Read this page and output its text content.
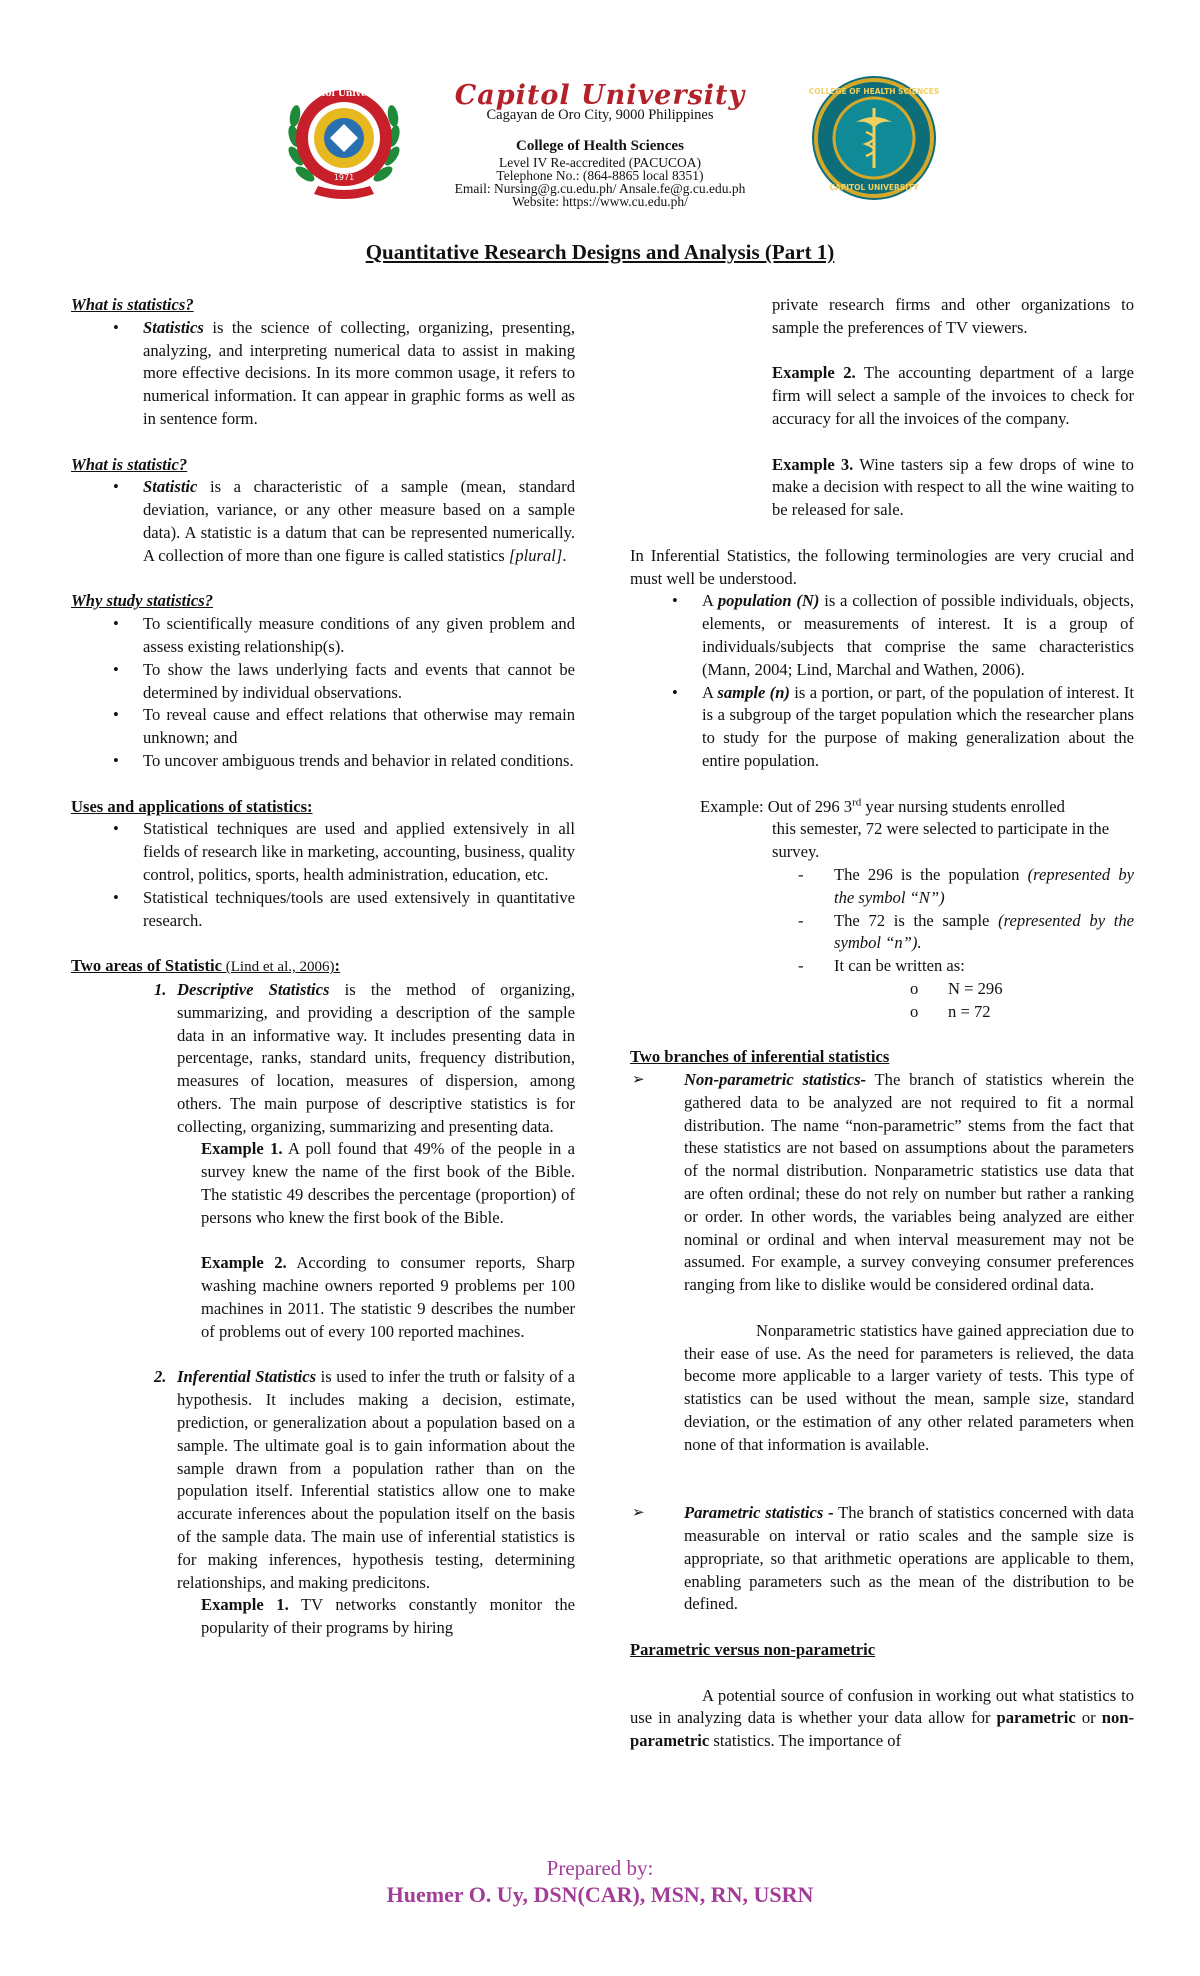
Capitol University
1971
Capitol University
Cagayan de Oro City, 9000 Philippines
College of Health Sciences
Level IV Re-accredited (PACUCOA)
Telephone No.: (864-8865 local 8351)
Email: Nursing@g.cu.edu.ph/ Ansale.fe@g.cu.edu.ph
Website: https://www.cu.edu.ph/
COLLEGE OF HEALTH SCIENCES
CAPITOL UNIVERSITY
Quantitative Research Designs and Analysis (Part 1)

What is statistics?

• Statistics is the science of collecting, organizing, presenting, analyzing, and interpreting numerical data to assist in making more effective decisions. In its more common usage, it refers to numerical information. It can appear in graphic forms as well as in sentence form.

What is statistic?

• Statistic is a characteristic of a sample (mean, standard deviation, variance, or any other measure based on a sample data). A statistic is a datum that can be represented numerically. A collection of more than one figure is called statistics [plural].

Why study statistics?

• To scientifically measure conditions of any given problem and assess existing relationship(s).
• To show the laws underlying facts and events that cannot be determined by individual observations.
• To reveal cause and effect relations that otherwise may remain unknown; and
• To uncover ambiguous trends and behavior in related conditions.

Uses and applications of statistics:

• Statistical techniques are used and applied extensively in all fields of research like in marketing, accounting, business, quality control, politics, sports, health administration, education, etc.
• Statistical techniques/tools are used extensively in quantitative research.

Two areas of Statistic (Lind et al., 2006):

1. Descriptive Statistics is the method of organizing, summarizing, and providing a description of the sample data in an informative way. It includes presenting data in percentage, ranks, standard units, frequency distribution, measures of location, measures of dispersion, among others. The main purpose of descriptive statistics is for collecting, organizing, summarizing and presenting data.
Example 1. A poll found that 49% of the people in a survey knew the name of the first book of the Bible. The statistic 49 describes the percentage (proportion) of persons who knew the first book of the Bible.
Example 2. According to consumer reports, Sharp washing machine owners reported 9 problems per 100 machines in 2011. The statistic 9 describes the number of problems out of every 100 reported machines.
2. Inferential Statistics is used to infer the truth or falsity of a hypothesis. It includes making a decision, estimate, prediction, or generalization about a population based on a sample. The ultimate goal is to gain information about the sample drawn from a population rather than on the population itself. Inferential statistics allow one to make accurate inferences about the population itself on the basis of the sample data. The main use of inferential statistics is for making inferences, hypothesis testing, determining relationships, and making predicitons.
Example 1. TV networks constantly monitor the popularity of their programs by hiring
private research firms and other organizations to sample the preferences of TV viewers.
Example 2. The accounting department of a large firm will select a sample of the invoices to check for accuracy for all the invoices of the company.
Example 3. Wine tasters sip a few drops of wine to make a decision with respect to all the wine waiting to be released for sale.

In Inferential Statistics, the following terminologies are very crucial and must well be understood.

• A population (N) is a collection of possible individuals, objects, elements, or measurements of interest. It is a group of individuals/subjects that comprise the same characteristics (Mann, 2004; Lind, Marchal and Wathen, 2006).
• A sample (n) is a portion, or part, of the population of interest. It is a subgroup of the target population which the researcher plans to study for the purpose of making generalization about the entire population.
Example: Out of 296 3rd year nursing students enrolled
this semester, 72 were selected to participate in the survey.
- The 296 is the population (represented by the symbol “N”)
- The 72 is the sample (represented by the symbol “n”).
- It can be written as:
o N = 296
o n = 72

Two branches of inferential statistics

➢ Non-parametric statistics- The branch of statistics wherein the gathered data to be analyzed are not required to fit a normal distribution. The name “non-parametric” stems from the fact that these statistics are not based on assumptions about the parameters of the normal distribution. Nonparametric statistics use data that are often ordinal; these do not rely on number but rather a ranking or order. In other words, the variables being analyzed are either nominal or ordinal and when interval measurement may not be assumed. For example, a survey conveying consumer preferences ranging from like to dislike would be considered ordinal data.
Nonparametric statistics have gained appreciation due to their ease of use. As the need for parameters is relieved, the data become more applicable to a larger variety of tests. This type of statistics can be used without the mean, sample size, standard deviation, or the estimation of any other related parameters when none of that information is available.
➢ Parametric statistics - The branch of statistics concerned with data measurable on interval or ratio scales and the sample size is appropriate, so that arithmetic operations are applicable to them, enabling parameters such as the mean of the distribution to be defined.

Parametric versus non-parametric

A potential source of confusion in working out what statistics to use in analyzing data is whether your data allow for parametric or non-parametric statistics. The importance of

Prepared by:
Huemer O. Uy, DSN(CAR), MSN, RN, USRN
